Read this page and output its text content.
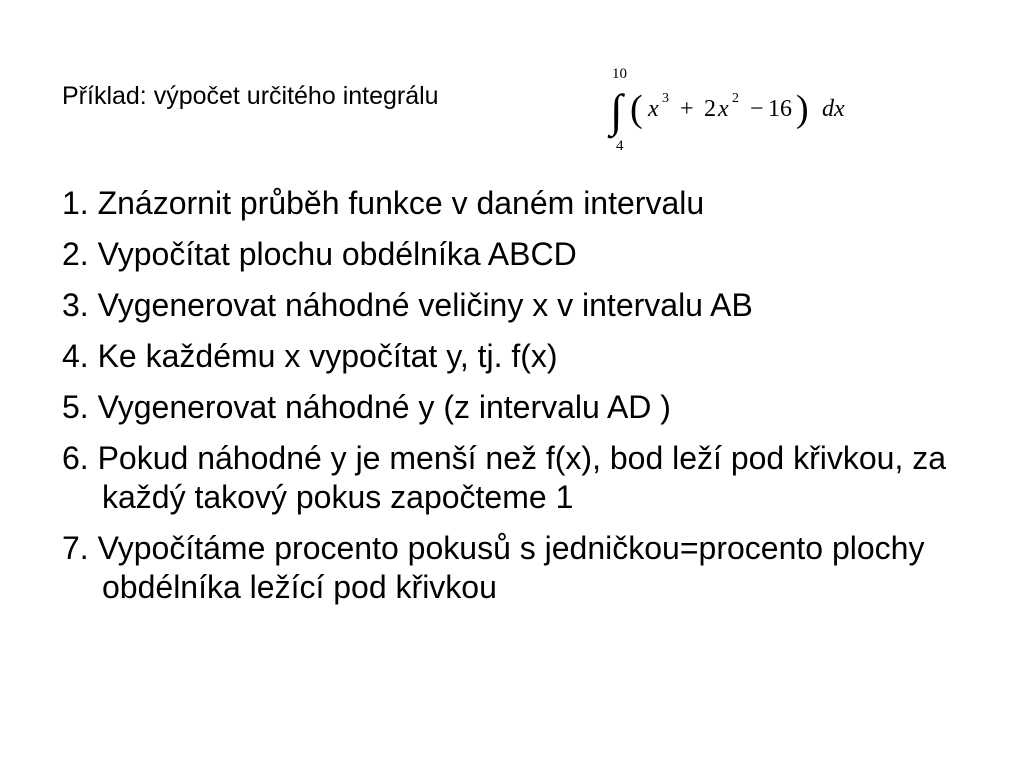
Příklad: výpočet určitého integrálu
10
4
∫ ( x 3 + 2 x 2 − 16 ) dx
1. Znázornit průběh funkce v daném intervalu
2. Vypočítat plochu obdélníka ABCD
3. Vygenerovat náhodné veličiny x v intervalu AB
4. Ke každému x vypočítat y, tj. f(x)
5. Vygenerovat náhodné y (z intervalu AD )
6. Pokud náhodné y je menší než f(x), bod leží pod křivkou, za každý takový pokus započteme 1
7. Vypočítáme procento pokusů s jedničkou=procento plochy obdélníka ležící pod křivkou
